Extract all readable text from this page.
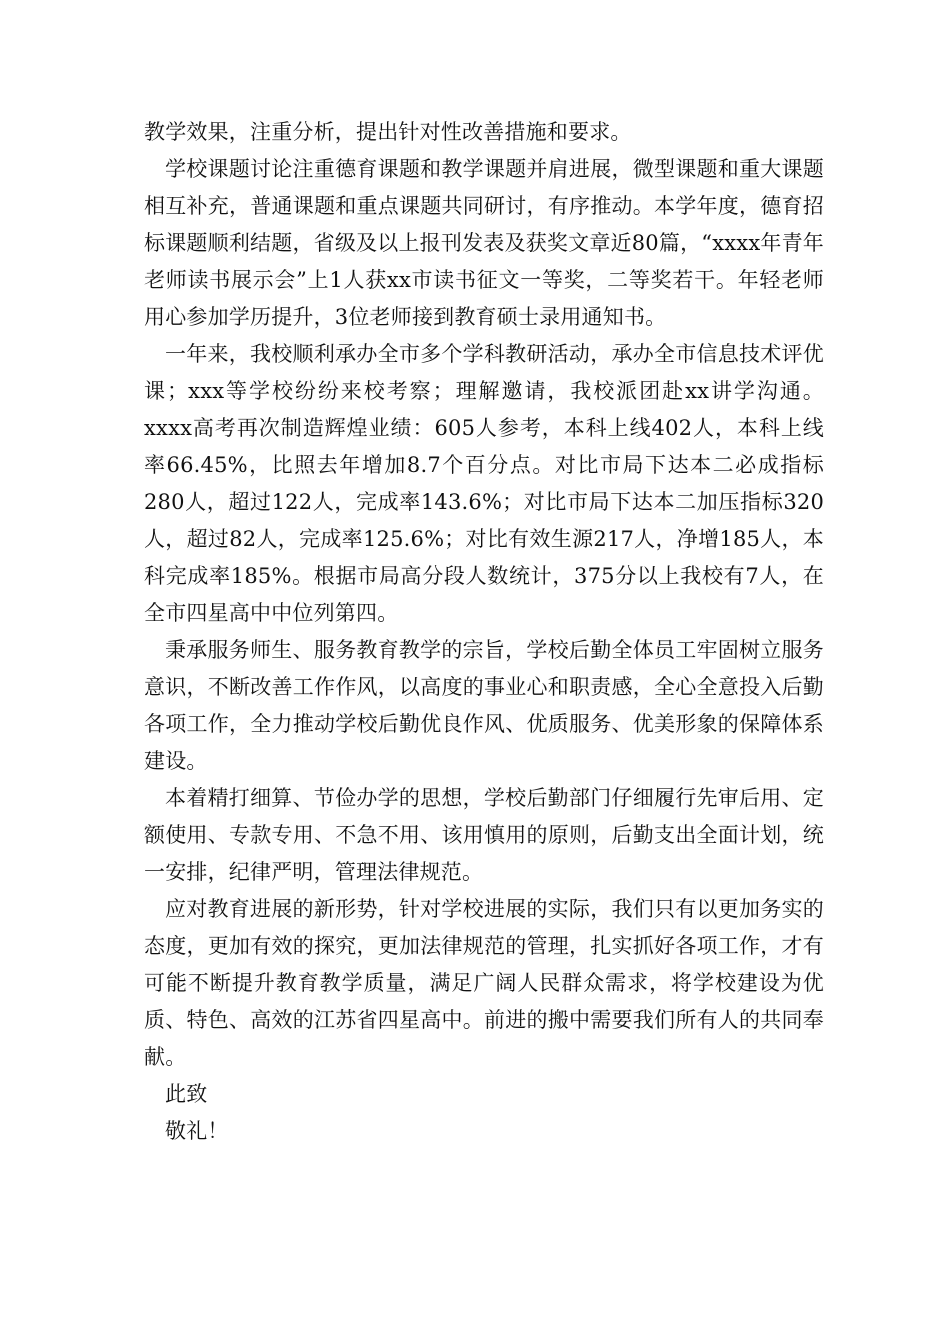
教学效果，注重分析，提出针对性改善措施和要求。

学校课题讨论注重德育课题和教学课题并肩进展，微型课题和重大课题相互补充，普通课题和重点课题共同研讨，有序推动。本学年度，德育招标课题顺利结题，省级及以上报刊发表及获奖文章近80篇，“xxxx年青年老师读书展示会”上1人获xx市读书征文一等奖，二等奖若干。年轻老师用心参加学历提升，3位老师接到教育硕士录用通知书。

一年来，我校顺利承办全市多个学科教研活动，承办全市信息技术评优课；xxx等学校纷纷来校考察；理解邀请，我校派团赴xx讲学沟通。xxxx高考再次制造辉煌业绩：605人参考，本科上线402人，本科上线率66.45%，比照去年增加8.7个百分点。对比市局下达本二必成指标280人，超过122人，完成率143.6%；对比市局下达本二加压指标320人，超过82人，完成率125.6%；对比有效生源217人，净增185人，本科完成率185%。根据市局高分段人数统计，375分以上我校有7人，在全市四星高中中位列第四。

秉承服务师生、服务教育教学的宗旨，学校后勤全体员工牢固树立服务意识，不断改善工作作风，以高度的事业心和职责感，全心全意投入后勤各项工作，全力推动学校后勤优良作风、优质服务、优美形象的保障体系建设。

本着精打细算、节俭办学的思想，学校后勤部门仔细履行先审后用、定额使用、专款专用、不急不用、该用慎用的原则，后勤支出全面计划，统一安排，纪律严明，管理法律规范。

应对教育进展的新形势，针对学校进展的实际，我们只有以更加务实的态度，更加有效的探究，更加法律规范的管理，扎实抓好各项工作，才有可能不断提升教育教学质量，满足广阔人民群众需求，将学校建设为优质、特色、高效的江苏省四星高中。前进的搬中需要我们所有人的共同奉献。

此致

敬礼！
